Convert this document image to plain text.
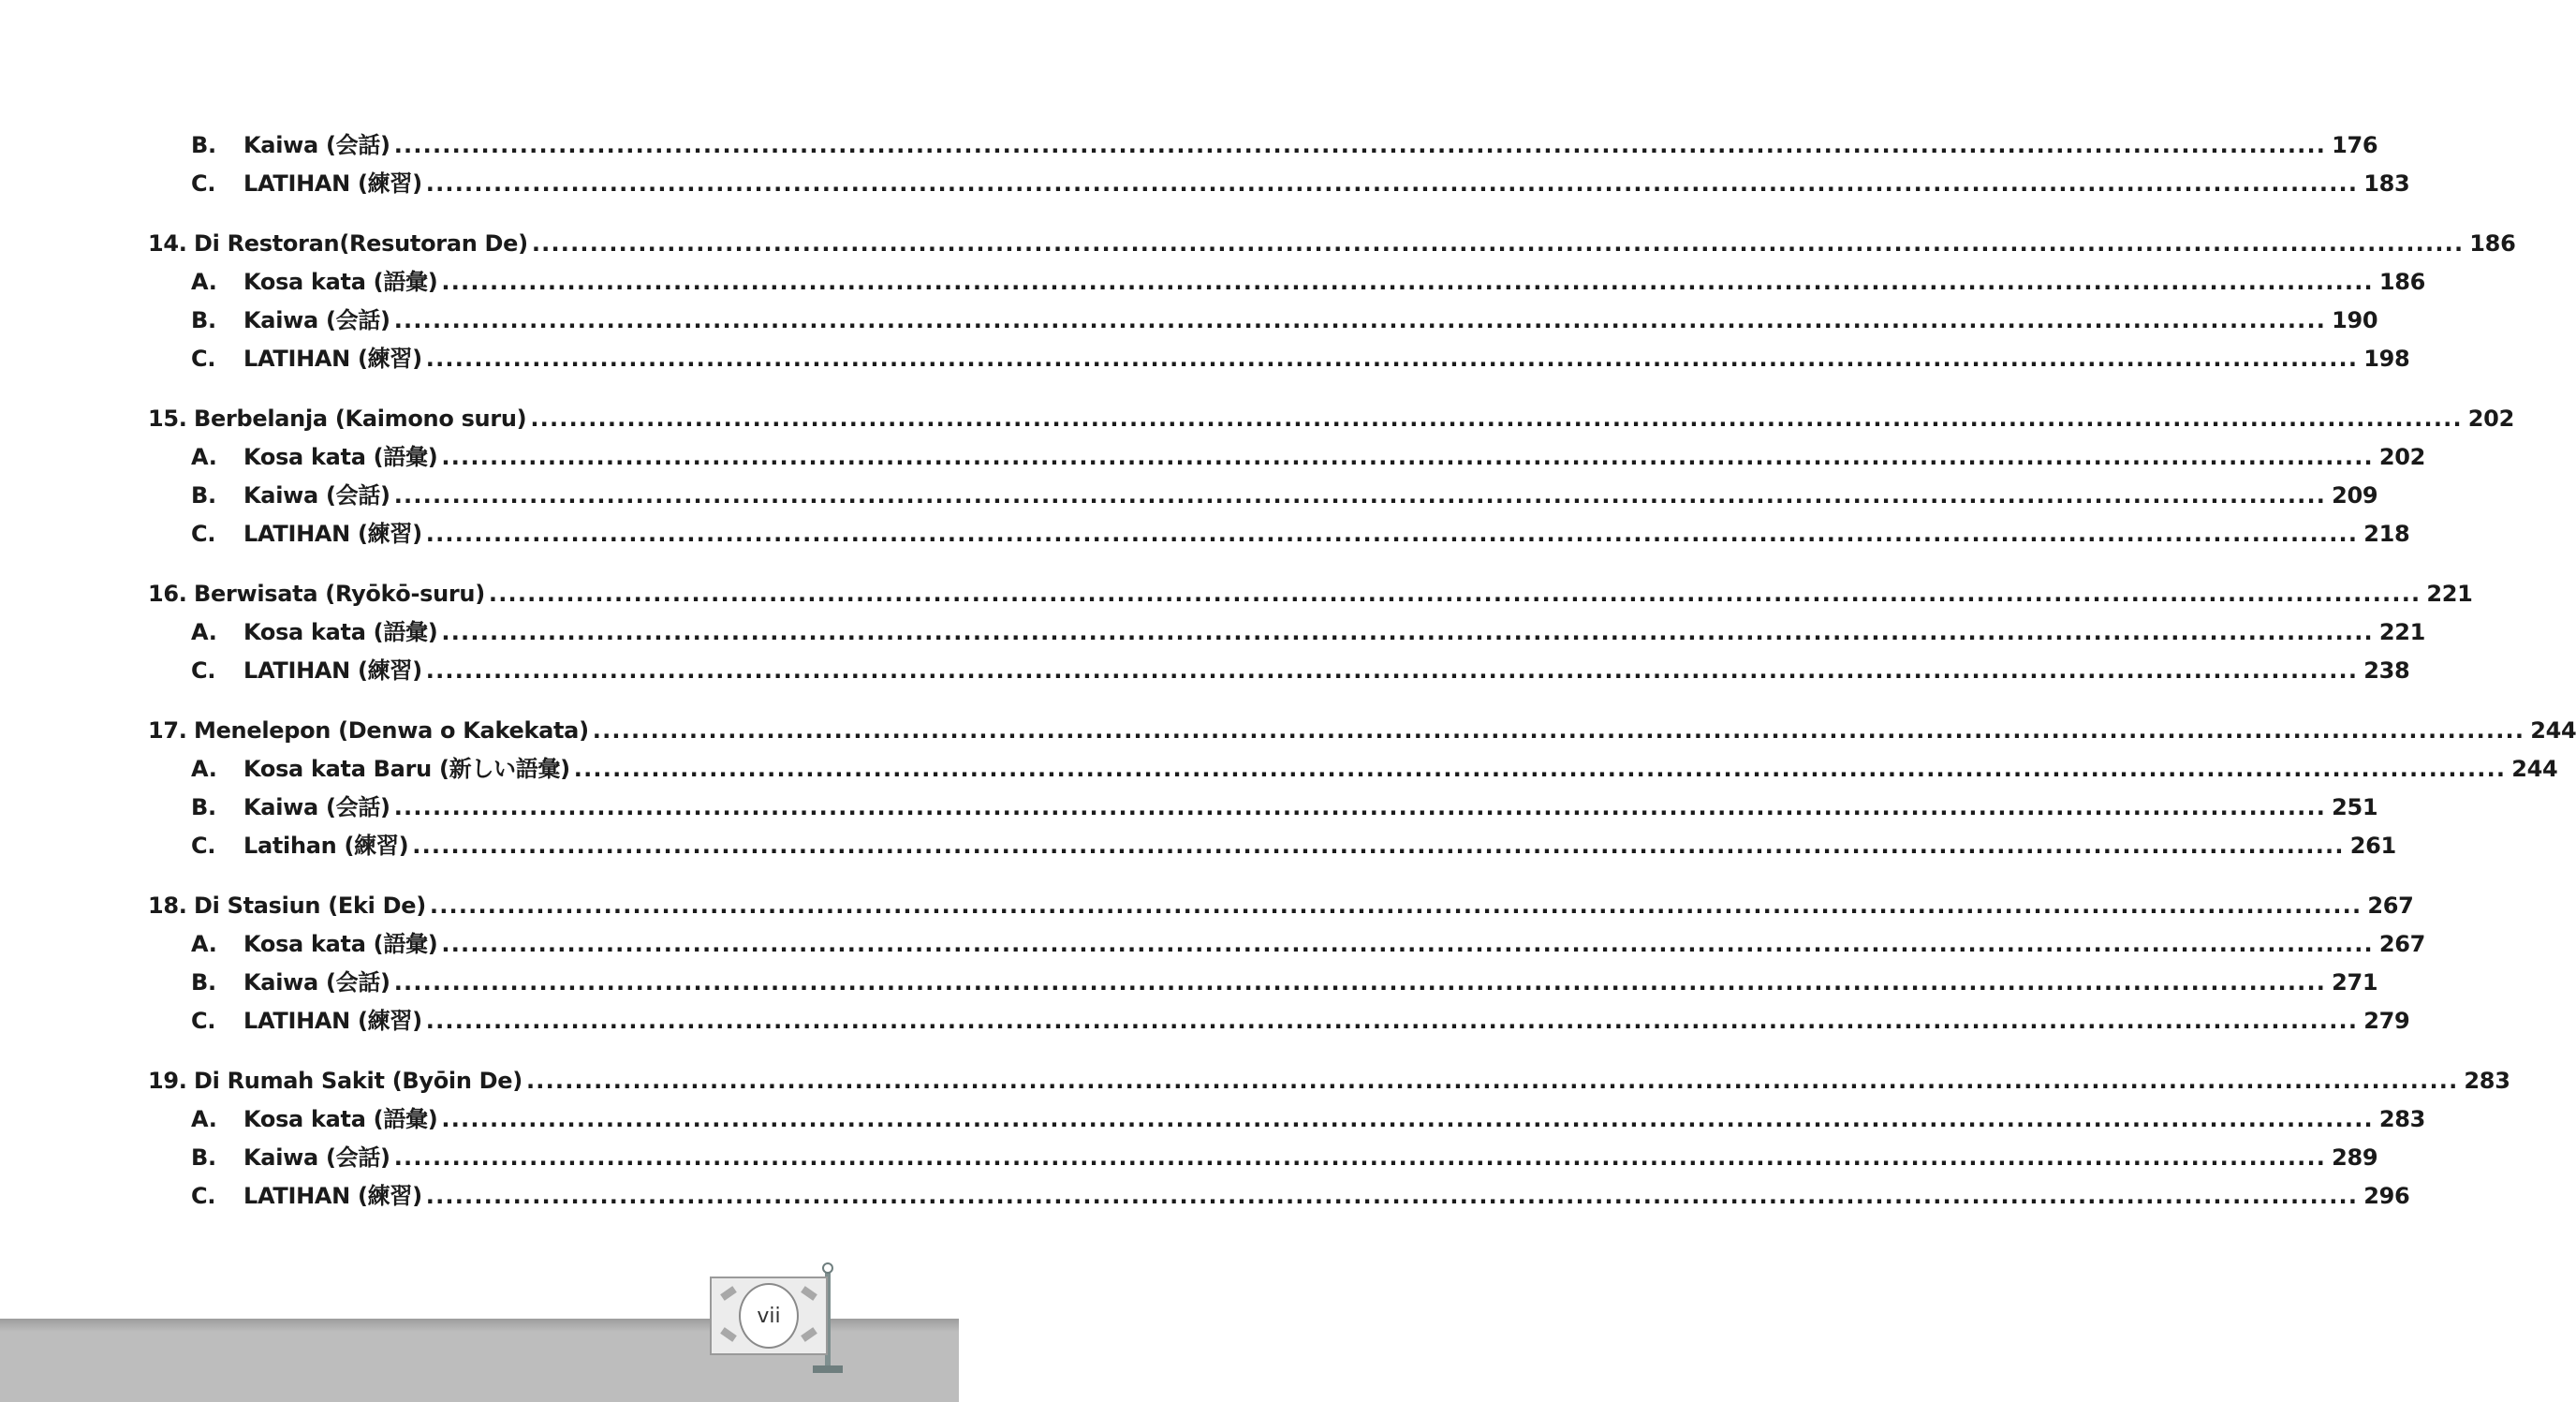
B.	Kaiwa (会話) ........................................................................................................................................................................................................ 176
C.	LATIHAN (練習) ........................................................................................................................................................................................................ 183
14. Di Restoran(Resutoran De) ........................................................................................................................................................................................................ 186
A.	Kosa kata (語彙) ........................................................................................................................................................................................................ 186
B.	Kaiwa (会話) ........................................................................................................................................................................................................ 190
C.	LATIHAN (練習) ........................................................................................................................................................................................................ 198
15. Berbelanja (Kaimono suru) ........................................................................................................................................................................................................ 202
A.	Kosa kata (語彙) ........................................................................................................................................................................................................ 202
B.	Kaiwa (会話) ........................................................................................................................................................................................................ 209
C.	LATIHAN (練習) ........................................................................................................................................................................................................ 218
16. Berwisata (Ryōkō-suru) ........................................................................................................................................................................................................ 221
A.	Kosa kata (語彙) ........................................................................................................................................................................................................ 221
C.	LATIHAN (練習) ........................................................................................................................................................................................................ 238
17. Menelepon (Denwa o Kakekata) ........................................................................................................................................................................................................ 244
A.	Kosa kata Baru (新しい語彙) ........................................................................................................................................................................................................ 244
B.	Kaiwa (会話) ........................................................................................................................................................................................................ 251
C.	Latihan (練習) ........................................................................................................................................................................................................ 261
18. Di Stasiun (Eki De) ........................................................................................................................................................................................................ 267
A.	Kosa kata (語彙) ........................................................................................................................................................................................................ 267
B.	Kaiwa (会話) ........................................................................................................................................................................................................ 271
C.	LATIHAN (練習) ........................................................................................................................................................................................................ 279
19. Di Rumah Sakit (Byōin De) ........................................................................................................................................................................................................ 283
A.	Kosa kata (語彙) ........................................................................................................................................................................................................ 283
B.	Kaiwa (会話) ........................................................................................................................................................................................................ 289
C.	LATIHAN (練習) ........................................................................................................................................................................................................ 296
vii
